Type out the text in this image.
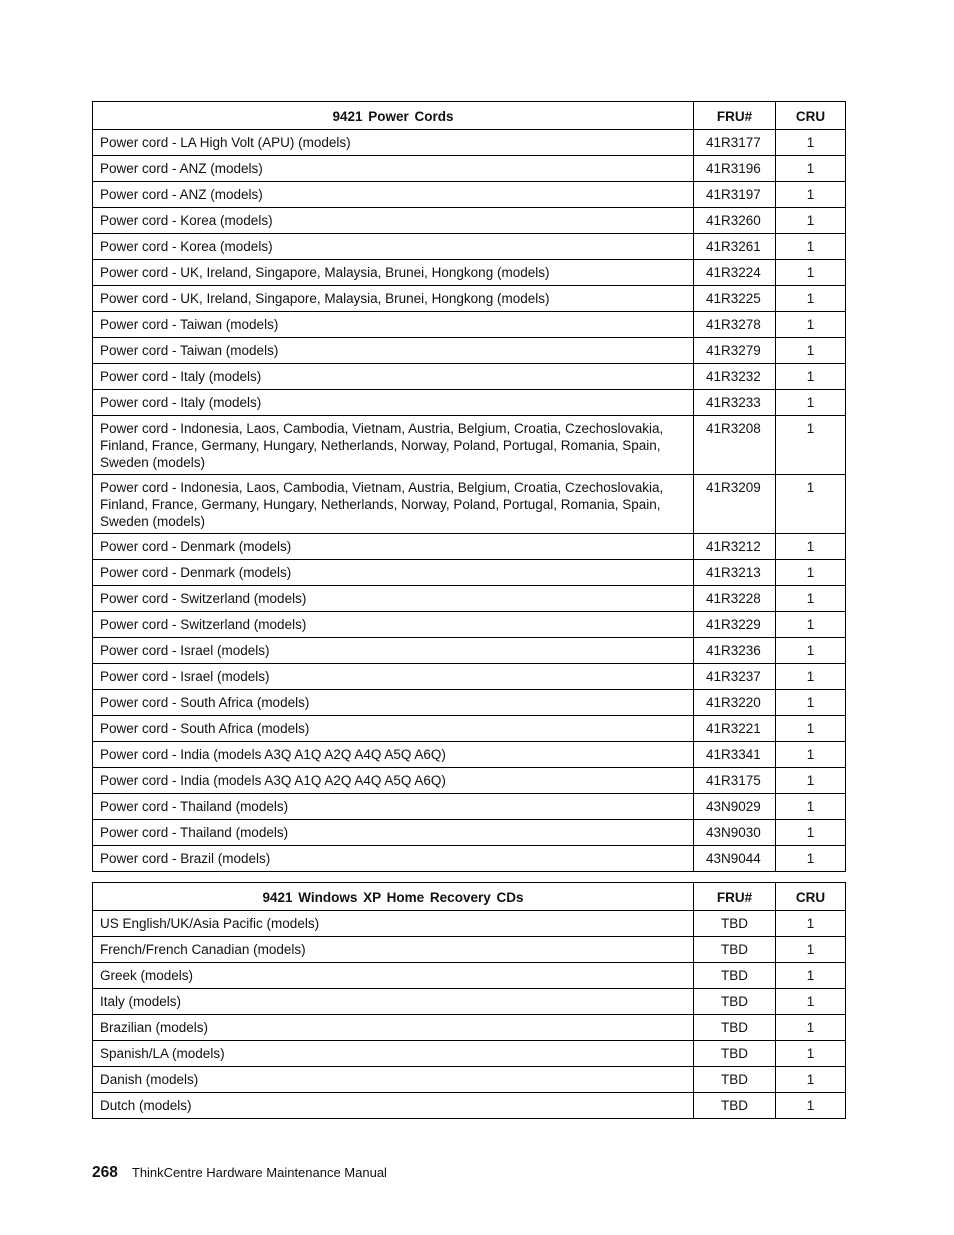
9421 Power Cords	FRU#	CRU
Power cord - LA High Volt (APU) (models)	41R3177	1
Power cord - ANZ (models)	41R3196	1
Power cord - ANZ (models)	41R3197	1
Power cord - Korea (models)	41R3260	1
Power cord - Korea (models)	41R3261	1
Power cord - UK, Ireland, Singapore, Malaysia, Brunei, Hongkong (models)	41R3224	1
Power cord - UK, Ireland, Singapore, Malaysia, Brunei, Hongkong (models)	41R3225	1
Power cord - Taiwan (models)	41R3278	1
Power cord - Taiwan (models)	41R3279	1
Power cord - Italy (models)	41R3232	1
Power cord - Italy (models)	41R3233	1
Power cord - Indonesia, Laos, Cambodia, Vietnam, Austria, Belgium, Croatia, Czechoslovakia, Finland, France, Germany, Hungary, Netherlands, Norway, Poland, Portugal, Romania, Spain, Sweden (models)	41R3208	1
Power cord - Indonesia, Laos, Cambodia, Vietnam, Austria, Belgium, Croatia, Czechoslovakia, Finland, France, Germany, Hungary, Netherlands, Norway, Poland, Portugal, Romania, Spain, Sweden (models)	41R3209	1
Power cord - Denmark (models)	41R3212	1
Power cord - Denmark (models)	41R3213	1
Power cord - Switzerland (models)	41R3228	1
Power cord - Switzerland (models)	41R3229	1
Power cord - Israel (models)	41R3236	1
Power cord - Israel (models)	41R3237	1
Power cord - South Africa (models)	41R3220	1
Power cord - South Africa (models)	41R3221	1
Power cord - India (models A3Q A1Q A2Q A4Q A5Q A6Q)	41R3341	1
Power cord - India (models A3Q A1Q A2Q A4Q A5Q A6Q)	41R3175	1
Power cord - Thailand (models)	43N9029	1
Power cord - Thailand (models)	43N9030	1
Power cord - Brazil (models)	43N9044	1
9421 Windows XP Home Recovery CDs	FRU#	CRU
US English/UK/Asia Pacific (models)	TBD	1
French/French Canadian (models)	TBD	1
Greek (models)	TBD	1
Italy (models)	TBD	1
Brazilian (models)	TBD	1
Spanish/LA (models)	TBD	1
Danish (models)	TBD	1
Dutch (models)	TBD	1
268 ThinkCentre Hardware Maintenance Manual
